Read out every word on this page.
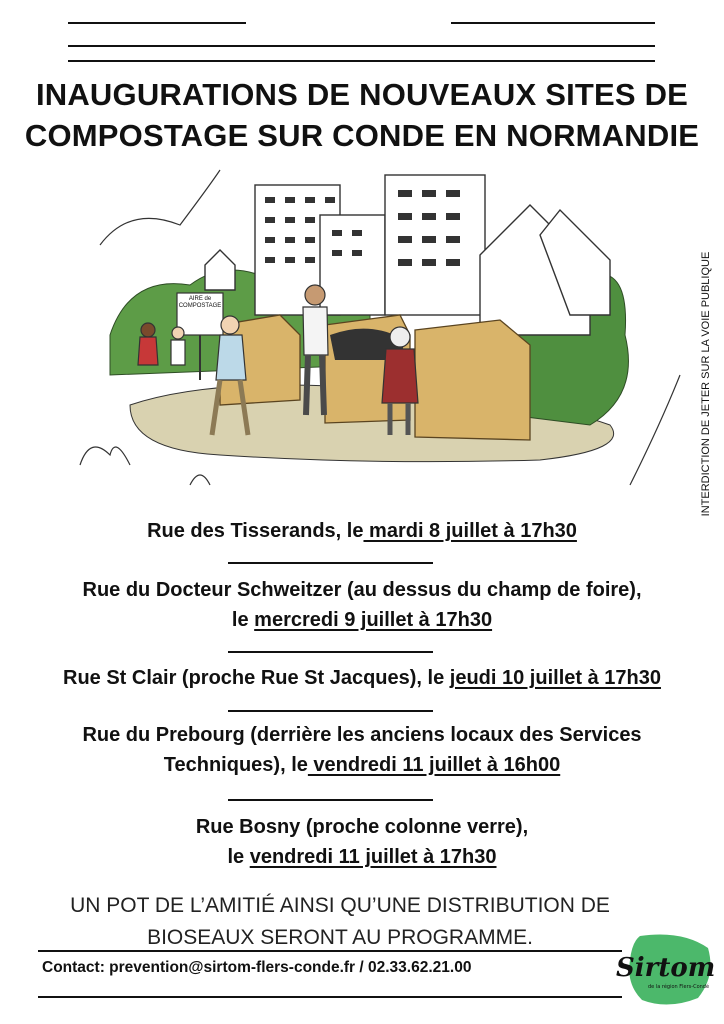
INAUGURATIONS DE NOUVEAUX SITES DE
COMPOSTAGE SUR CONDE EN NORMANDIE
AIRE de
COMPOSTAGE	INTERDICTION DE JETER SUR LA VOIE PUBLIQUE
Rue des Tisserands, le mardi 8 juillet à 17h30
Rue du Docteur Schweitzer (au dessus du champ de foire),
le mercredi 9 juillet à 17h30
Rue St Clair (proche Rue St Jacques), le jeudi 10 juillet à 17h30
Rue du Prebourg (derrière les anciens locaux des Services
Techniques), le vendredi 11 juillet à 16h00
Rue Bosny (proche colonne verre),
le vendredi 11 juillet à 17h30
UN POT DE L’AMITIÉ AINSI QU’UNE DISTRIBUTION DE
BIOSEAUX SERONT AU PROGRAMME.
Contact: prevention@sirtom-flers-conde.fr / 02.33.62.21.00	Sirtom
de la région Flers-Condé
